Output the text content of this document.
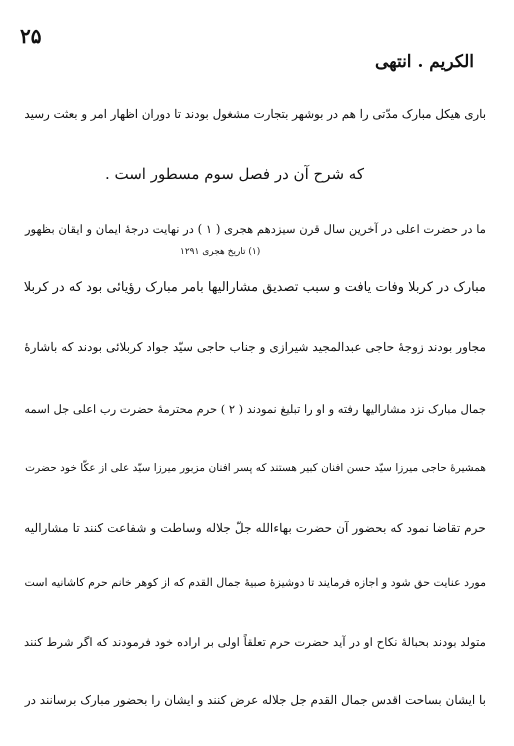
۲۵
الکریم . انتهی
باری هیکل مبارک مدّتی را هم در بوشهر بتجارت مشغول بودند تا دوران اظهار امر و بعثت رسید
که شرح آن در فصل سوم مسطور است .
ما در حضرت اعلی در آخرین سال قرن سیزدهم هجری ( ۱ ) در نهایت درجهٔ ایمان و ایقان بظهور
(۱) تاریخ هجری ۱۲۹۱
مبارک در کربلا وفات یافت و سبب تصدیق مشارالیها بامر مبارک رؤیائی بود که در کربلا
مجاور بودند زوجهٔ حاجی عبدالمجید شیرازی و جناب حاجی سیّد جواد کربلائی بودند که باشارهٔ
جمال مبارک نزد مشارالیها رفته و او را تبلیغ نمودند ( ۲ ) حرم محترمهٔ حضرت رب اعلی جل اسمه
همشیرهٔ حاجی میرزا سیّد حسن افنان کبیر هستند که پسر افنان مزبور میرزا سیّد علی از عکّا خود حضرت
حرم تقاضا نمود که بحضور آن حضرت بهاءالله جلّ جلاله وساطت و شفاعت کنند تا مشارالیه
مورد عنایت حق شود و اجازه فرمایند تا دوشیزهٔ صبیهٔ جمال القدم که از کوهر خانم حرم کاشانیه است
متولد بودند بحبالهٔ نکاح او در آید حضرت حرم تعلقاً اولی بر اراده خود فرمودند که اگر شرط کنند
با ایشان بساحت اقدس جمال القدم جل جلاله عرض کنند و ایشان را بحضور مبارک برسانند در
